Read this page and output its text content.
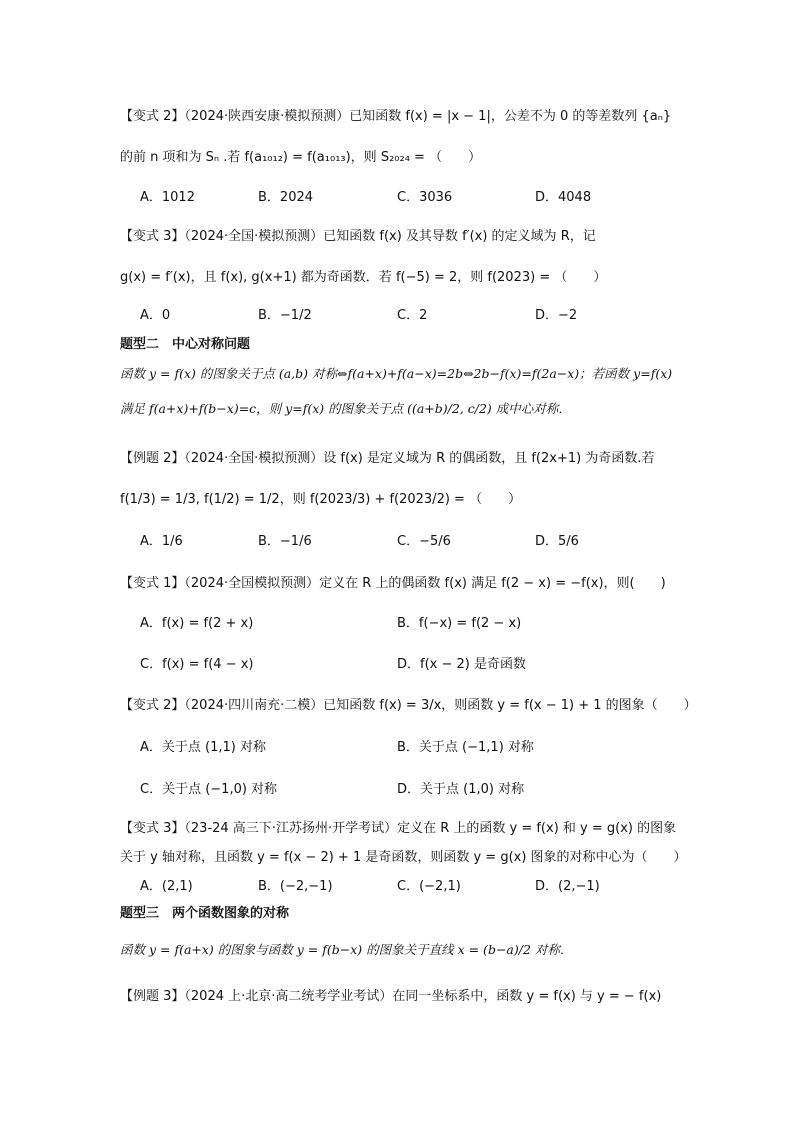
【变式 2】（2024·陕西安康·模拟预测）已知函数 f(x) = |x − 1|，公差不为 0 的等差数列 {aₙ}
的前 n 项和为 Sₙ .若 f(a₁₀₁₂) = f(a₁₀₁₃)，则 S₂₀₂₄ = （　　）
A．1012	B．2024	C．3036	D．4048
【变式 3】（2024·全国·模拟预测）已知函数 f(x) 及其导数 f′(x) 的定义域为 R，记
g(x) = f′(x)，且 f(x), g(x+1) 都为奇函数．若 f(−5) = 2，则 f(2023) = （　　）
A．0	B．−1/2	C．2	D．−2
题型二　中心对称问题
函数 y = f(x) 的图象关于点 (a,b) 对称⇔f(a+x)+f(a−x)=2b⇔2b−f(x)=f(2a−x)；若函数 y=f(x)
满足 f(a+x)+f(b−x)=c，则 y=f(x) 的图象关于点 ((a+b)/2, c/2) 成中心对称．
【例题 2】（2024·全国·模拟预测）设 f(x) 是定义域为 R 的偶函数，且 f(2x+1) 为奇函数.若
f(1/3) = 1/3, f(1/2) = 1/2，则 f(2023/3) + f(2023/2) = （　　）
A．1/6	B．−1/6	C．−5/6	D．5/6
【变式 1】（2024·全国模拟预测）定义在 R 上的偶函数 f(x) 满足 f(2 − x) = −f(x)，则(　　)
A．f(x) = f(2 + x)	B．f(−x) = f(2 − x)
C．f(x) = f(4 − x)	D．f(x − 2) 是奇函数
【变式 2】（2024·四川南充·二模）已知函数 f(x) = 3/x，则函数 y = f(x − 1) + 1 的图象（　　）
A．关于点 (1,1) 对称	B．关于点 (−1,1) 对称
C．关于点 (−1,0) 对称	D．关于点 (1,0) 对称
【变式 3】（23-24 高三下·江苏扬州·开学考试）定义在 R 上的函数 y = f(x) 和 y = g(x) 的图象
关于 y 轴对称，且函数 y = f(x − 2) + 1 是奇函数，则函数 y = g(x) 图象的对称中心为（　　）
A．(2,1)	B．(−2,−1)	C．(−2,1)	D．(2,−1)
题型三　两个函数图象的对称
函数 y = f(a+x) 的图象与函数 y = f(b−x) 的图象关于直线 x = (b−a)/2 对称．
【例题 3】（2024 上·北京·高二统考学业考试）在同一坐标系中，函数 y = f(x) 与 y = − f(x)
